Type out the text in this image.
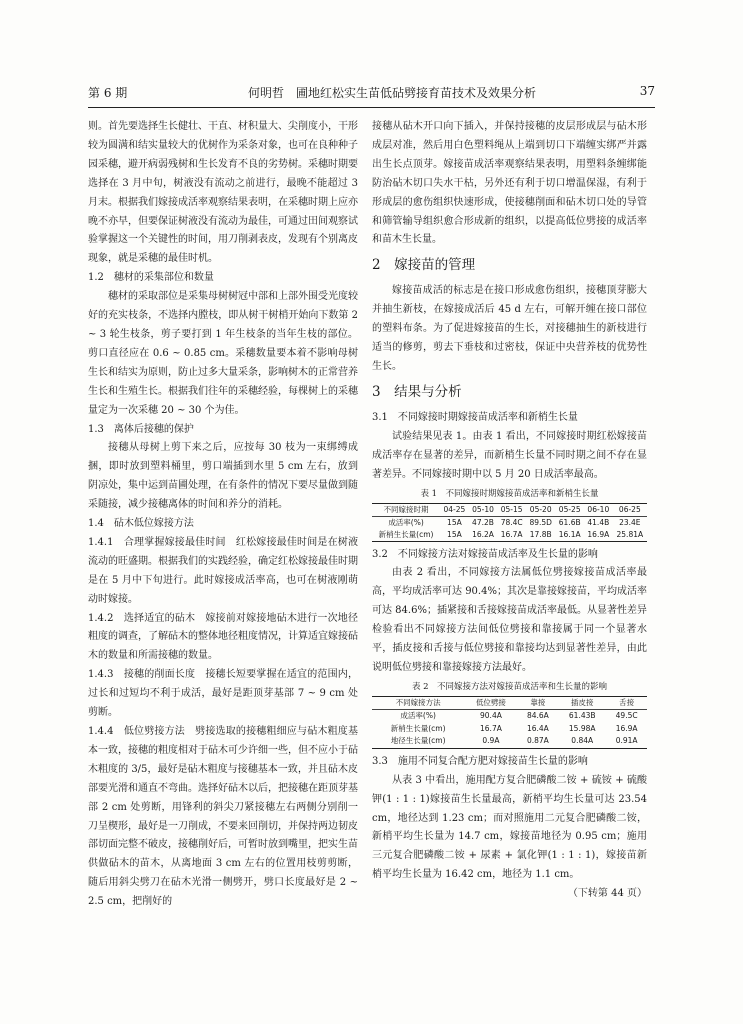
第 6 期	何明哲　圃地红松实生苗低砧劈接育苗技术及效果分析	37

则。首先要选择生长健壮、干直、材积量大、尖削度小，干形较为圆满和结实量较大的优树作为采条对象，也可在良种种子园采穗，避开病弱残树和生长发育不良的劣势树。采穗时期要选择在 3 月中旬，树液没有流动之前进行，最晚不能超过 3 月末。根据我们嫁接成活率观察结果表明，在采穗时期上应亦晚不亦早，但要保证树液没有流动为最佳，可通过田间观察试验掌握这一个关键性的时间，用刀削剥表皮，发现有个别离皮现象，就是采穗的最佳时机。

1.2　穗材的采集部位和数量

穗材的采取部位是采集母树树冠中部和上部外围受光度较好的充实枝条，不选择内膛枝，即从树干树梢开始向下数第 2 ~ 3 轮生枝条，剪子要打到 1 年生枝条的当年生枝的部位。剪口直径应在 0.6 ~ 0.85 cm。采穗数量要本着不影响母树生长和结实为原则，防止过多大量采条，影响树木的正常营养生长和生殖生长。根据我们往年的采穗经验，每棵树上的采穗量定为一次采穗 20 ~ 30 个为佳。

1.3　离体后接穗的保护

接穗从母树上剪下来之后，应按每 30 枝为一束绑缚成捆，即时放到塑料桶里，剪口端插到水里 5 cm 左右，放到阴凉处，集中运到苗圃处理，在有条件的情况下要尽量做到随采随接，减少接穗离体的时间和养分的消耗。

1.4　砧木低位嫁接方法

1.4.1　合理掌握嫁接最佳时间　红松嫁接最佳时间是在树液流动的旺盛期。根据我们的实践经验，确定红松嫁接最佳时期是在 5 月中下旬进行。此时嫁接成活率高，也可在树液刚萌动时嫁接。

1.4.2　选择适宜的砧木　嫁接前对嫁接地砧木进行一次地径粗度的调查，了解砧木的整体地径粗度情况，计算适宜嫁接砧木的数量和所需接穗的数量。

1.4.3　接穗的削面长度　接穗长短要掌握在适宜的范围内，过长和过短均不利于成活，最好是距顶芽基部 7 ~ 9 cm 处剪断。

1.4.4　低位劈接方法　劈接选取的接穗粗细应与砧木粗度基本一致，接穗的粗度相对于砧木可少许细一些，但不应小于砧木粗度的 3/5，最好是砧木粗度与接穗基本一致，并且砧木皮部要光滑和通直不弯曲。选择好砧木以后，把接穗在距顶芽基部 2 cm 处剪断，用锋利的斜尖刀紧接穗左右两侧分别削一刀呈楔形，最好是一刀削成，不要来回削切，并保持两边韧皮部切面完整不破皮，接穗削好后，可暂时放到嘴里，把实生苗供做砧木的苗木，从离地面 3 cm 左右的位置用枝剪剪断，随后用斜尖劈刀在砧木光滑一侧劈开，劈口长度最好是 2 ~ 2.5 cm，把削好的

接穗从砧木开口向下插入，并保持接穗的皮层形成层与砧木形成层对准，然后用白色塑料绳从上端到切口下端缠实绑严并露出生长点顶芽。嫁接苗成活率观察结果表明，用塑料条缠绑能防治砧木切口失水干枯，另外还有利于切口增温保湿，有利于形成层的愈伤组织快速形成，使接穗削面和砧木切口处的导管和筛管输导组织愈合形成新的组织，以提高低位劈接的成活率和苗木生长量。

2　嫁接苗的管理

嫁接苗成活的标志是在接口形成愈伤组织，接穗顶芽膨大并抽生新枝，在嫁接成活后 45 d 左右，可解开缠在接口部位的塑料布条。为了促进嫁接苗的生长，对接穗抽生的新枝进行适当的修剪，剪去下垂枝和过密枝，保证中央营养枝的优势性生长。

3　结果与分析
3.1　不同嫁接时期嫁接苗成活率和新梢生长量

试验结果见表 1。由表 1 看出，不同嫁接时期红松嫁接苗成活率存在显著的差异，而新梢生长量不同时期之间不存在显著差异。不同嫁接时期中以 5 月 20 日成活率最高。

表 1　不同嫁接时期嫁接苗成活率和新梢生长量
不同嫁接时期	04-25	05-10	05-15	05-20	05-25	06-10	06-25
成活率(%)	15A	47.2B	78.4C	89.5D	61.6B	41.4B	23.4E
新梢生长量(cm)	15A	16.2A	16.7A	17.8B	16.1A	16.9A	25.81A
3.2　不同嫁接方法对嫁接苗成活率及生长量的影响

由表 2 看出，不同嫁接方法属低位劈接嫁接苗成活率最高，平均成活率可达 90.4%；其次是靠接嫁接苗，平均成活率可达 84.6%；插紧接和舌接嫁接苗成活率最低。从显著性差异检验看出不同嫁接方法间低位劈接和靠接属于同一个显著水平，插皮接和舌接与低位劈接和靠接均达到显著性差异，由此说明低位劈接和靠接嫁接方法最好。

表 2　不同嫁接方法对嫁接苗成活率和生长量的影响
不同嫁接方法	低位劈接	靠接	插皮接	舌接
成活率(%)	90.4A	84.6A	61.43B	49.5C
新梢生长量(cm)	16.7A	16.4A	15.98A	16.9A
地径生长量(cm)	0.9A	0.87A	0.84A	0.91A
3.3　施用不同复合配方肥对嫁接苗生长量的影响

从表 3 中看出，施用配方复合肥磷酸二铵 + 硫铵 + 硫酸钾(1 : 1 : 1)嫁接苗生长量最高，新梢平均生长量可达 23.54 cm，地径达到 1.23 cm；而对照施用二元复合肥磷酸二铵，新梢平均生长量为 14.7 cm，嫁接苗地径为 0.95 cm；施用三元复合肥磷酸二铵 + 尿素 + 氯化钾(1 : 1 : 1)，嫁接苗新梢平均生长量为 16.42 cm，地径为 1.1 cm。
（下转第 44 页）
